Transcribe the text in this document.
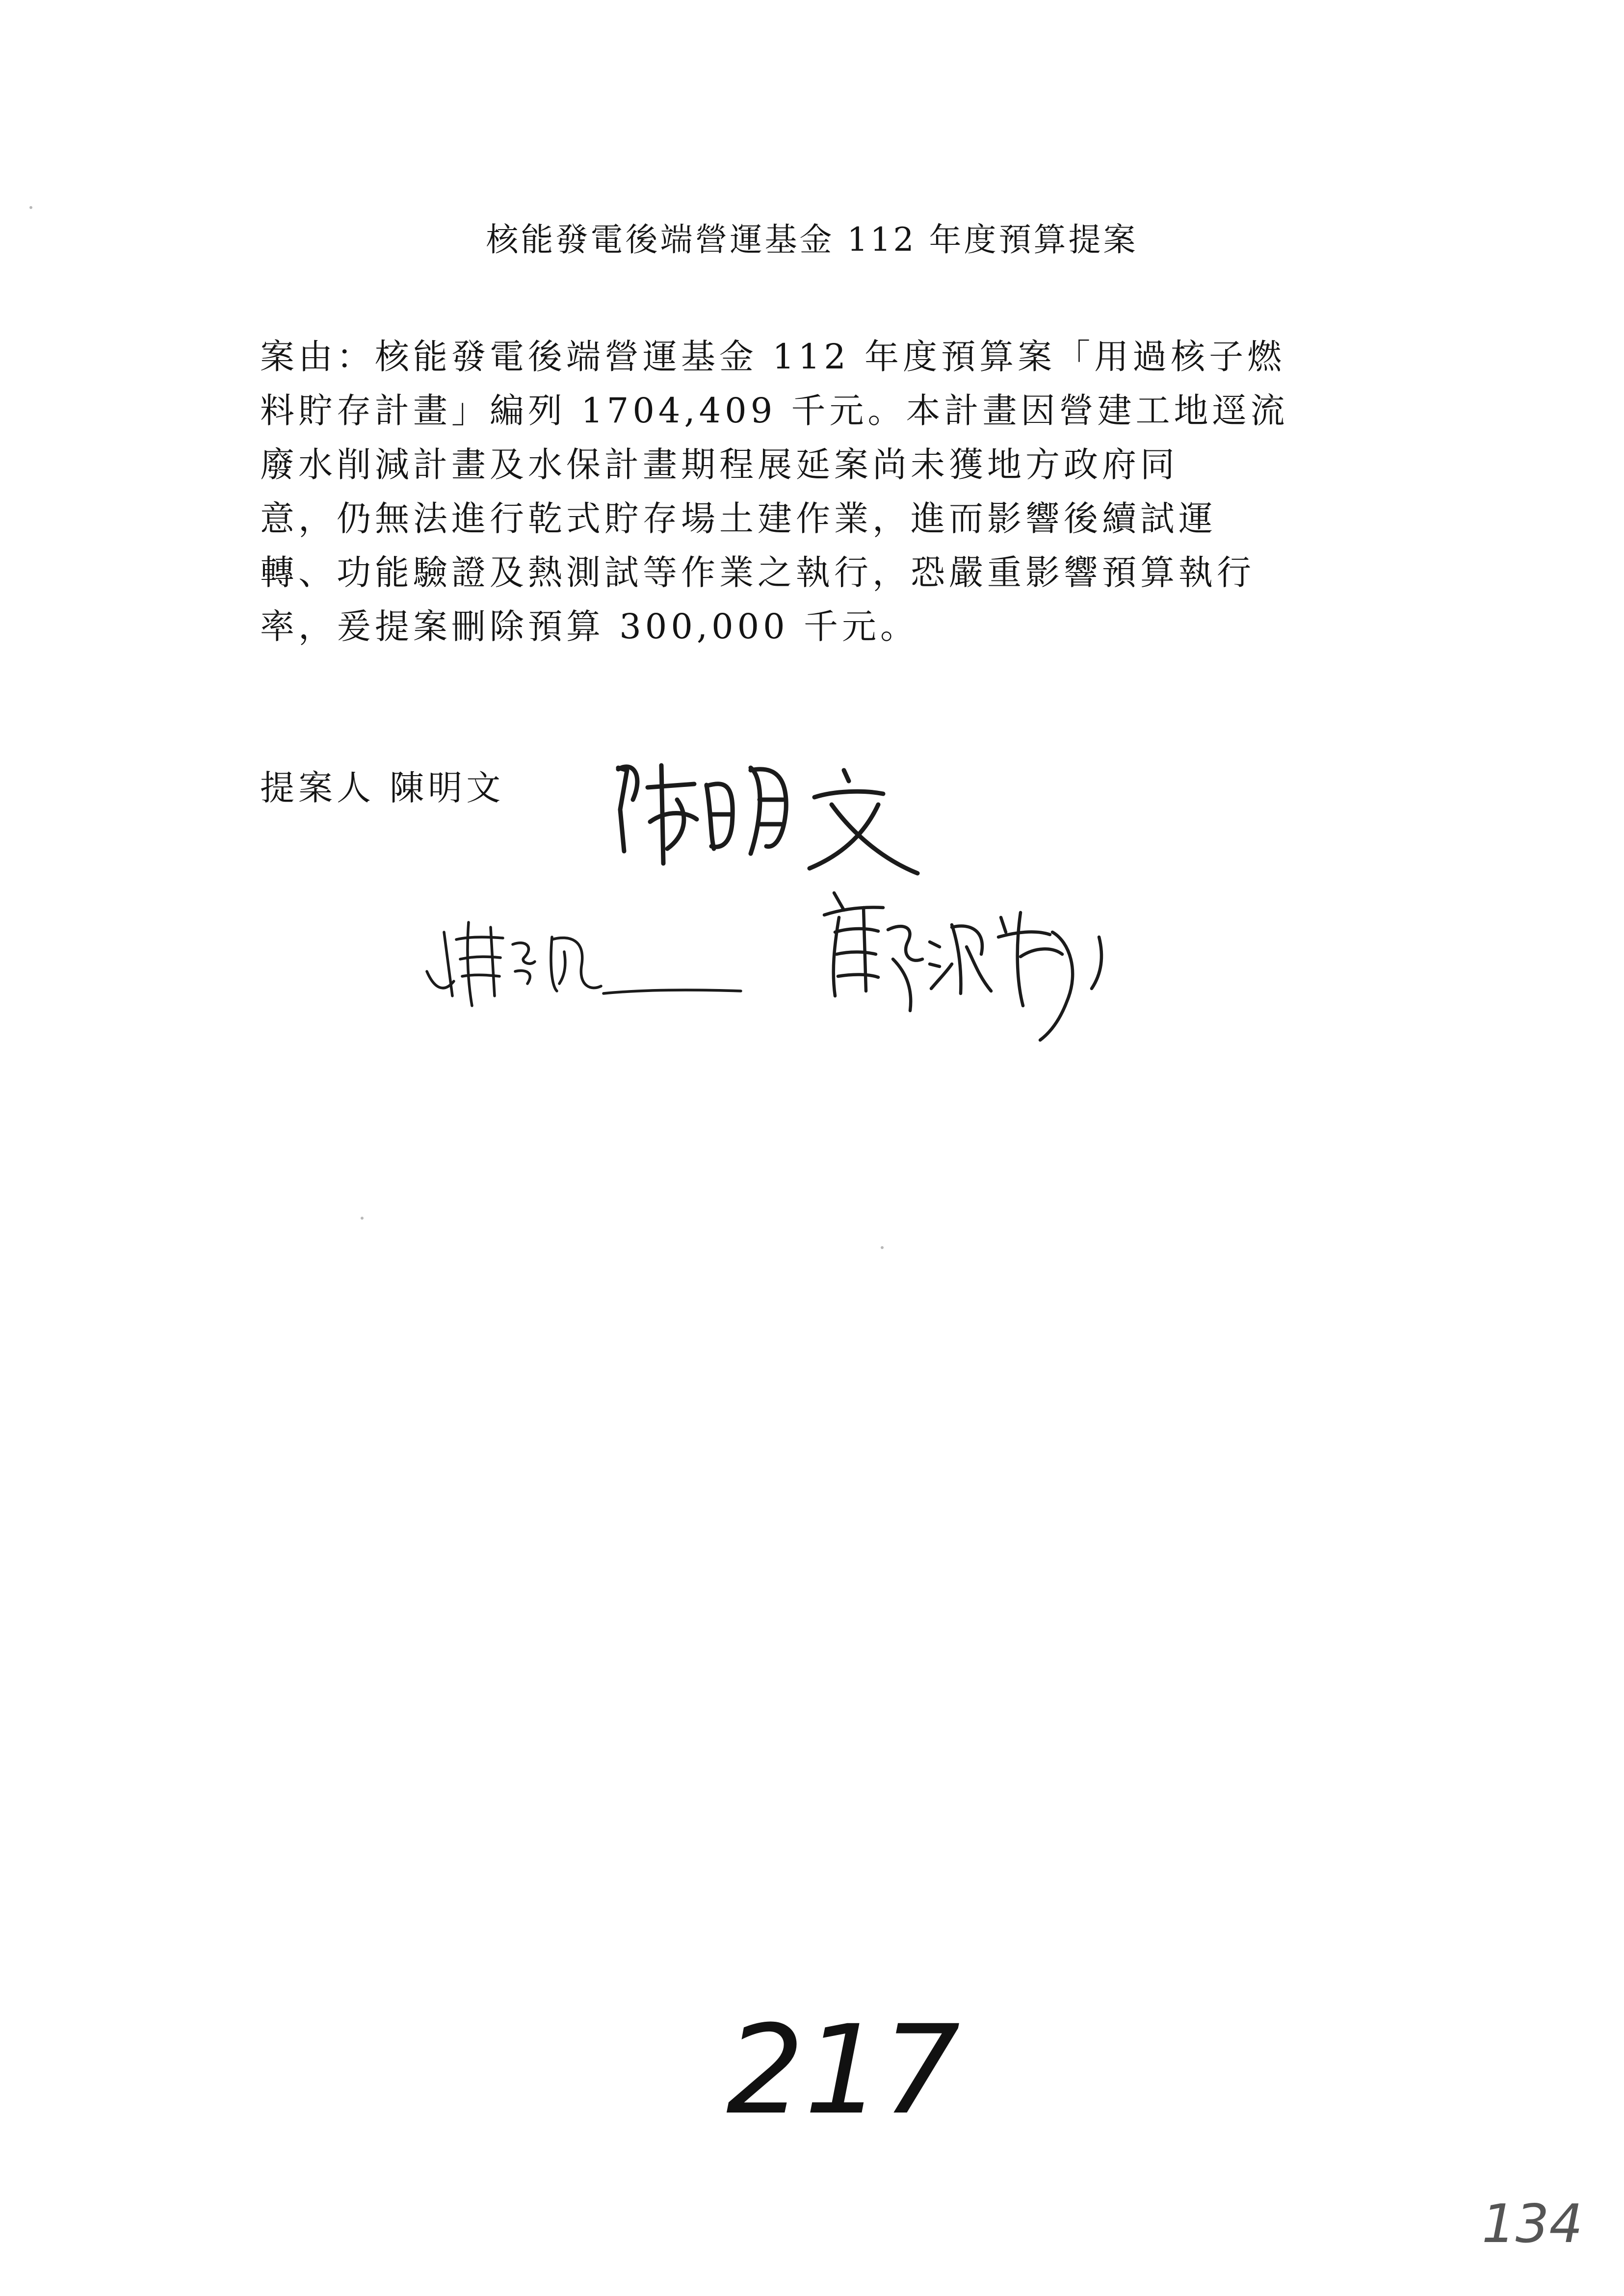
核能發電後端營運基金 112 年度預算提案
案由：核能發電後端營運基金 112 年度預算案「用過核子燃
料貯存計畫」編列 1704,409 千元。本計畫因營建工地逕流
廢水削減計畫及水保計畫期程展延案尚未獲地方政府同
意，仍無法進行乾式貯存場土建作業，進而影響後續試運
轉、功能驗證及熱測試等作業之執行，恐嚴重影響預算執行
率，爰提案刪除預算 300,000 千元。
提案人 陳明文
217
134
